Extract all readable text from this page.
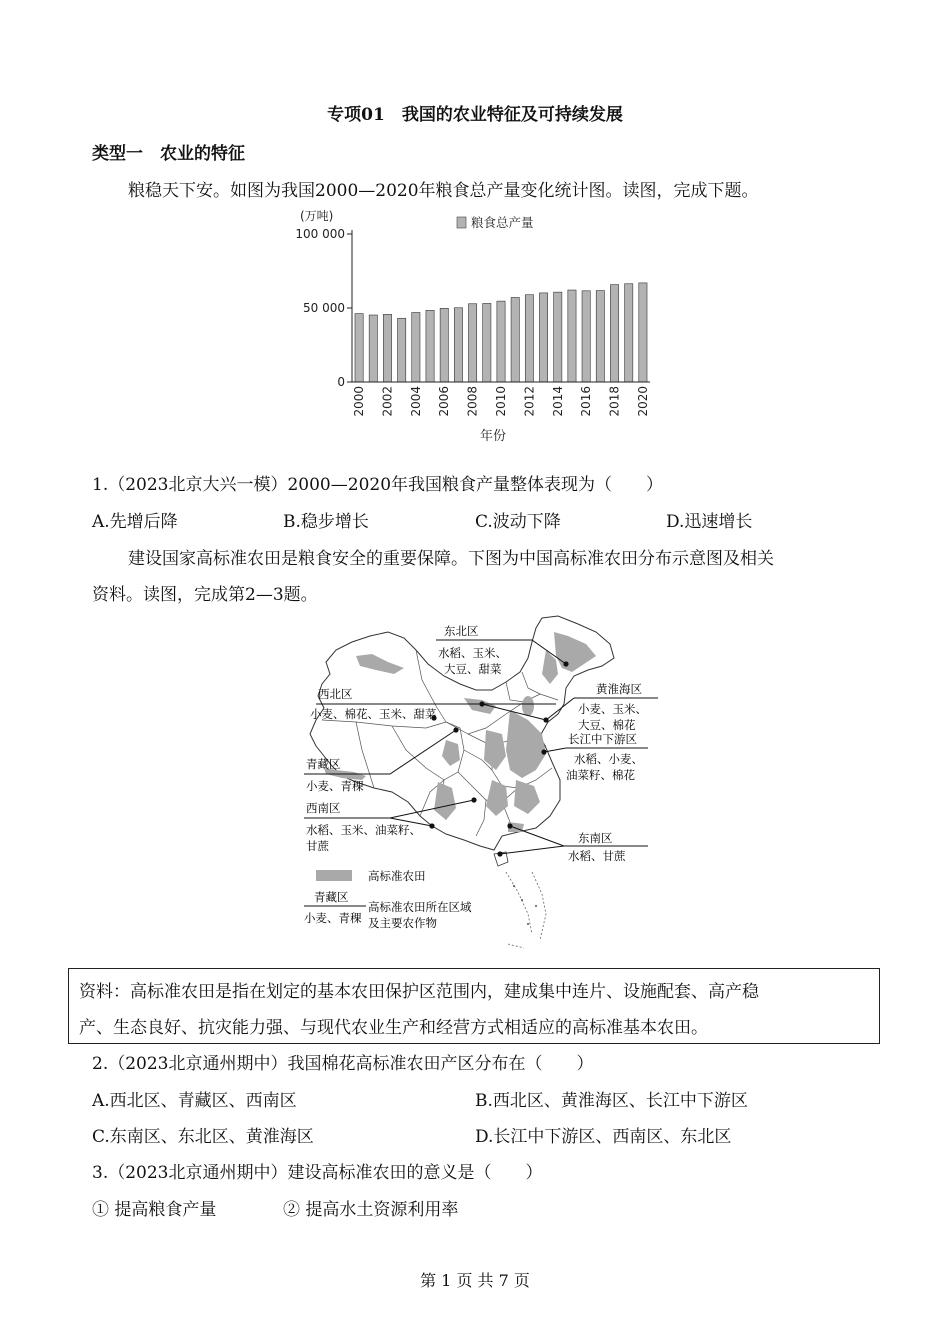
专项01　我国的农业特征及可持续发展
类型一　农业的特征
粮稳天下安。如图为我国2000—2020年粮食总产量变化统计图。读图，完成下题。
0
50 000
100 000
(万吨)	粮食总产量
2000 2002 2004 2006 2008 2010 2012 2014 2016 2018 2020
年份
1.（2023北京大兴一模）2000—2020年我国粮食产量整体表现为（　　）
A.先增后降	B.稳步增长	C.波动下降	D.迅速增长
建设国家高标准农田是粮食安全的重要保障。下图为中国高标准农田分布示意图及相关
资料。读图，完成第2—3题。
东北区
水稻、玉米、
大豆、甜菜
西北区
小麦、棉花、玉米、甜菜
黄淮海区
小麦、玉米、
大豆、棉花
长江中下游区
水稻、小麦、
油菜籽、棉花
青藏区
小麦、青稞
西南区
水稻、玉米、油菜籽、
甘蔗
东南区
水稻、甘蔗
高标准农田
青藏区
小麦、青稞
高标准农田所在区域
及主要农作物
资料：高标准农田是指在划定的基本农田保护区范围内，建成集中连片、设施配套、高产稳
产、生态良好、抗灾能力强、与现代农业生产和经营方式相适应的高标准基本农田。
2.（2023北京通州期中）我国棉花高标准农田产区分布在（　　）
A.西北区、青藏区、西南区	B.西北区、黄淮海区、长江中下游区
C.东南区、东北区、黄淮海区	D.长江中下游区、西南区、东北区
3.（2023北京通州期中）建设高标准农田的意义是（　　）
① 提高粮食产量	② 提高水土资源利用率
第 1 页 共 7 页
